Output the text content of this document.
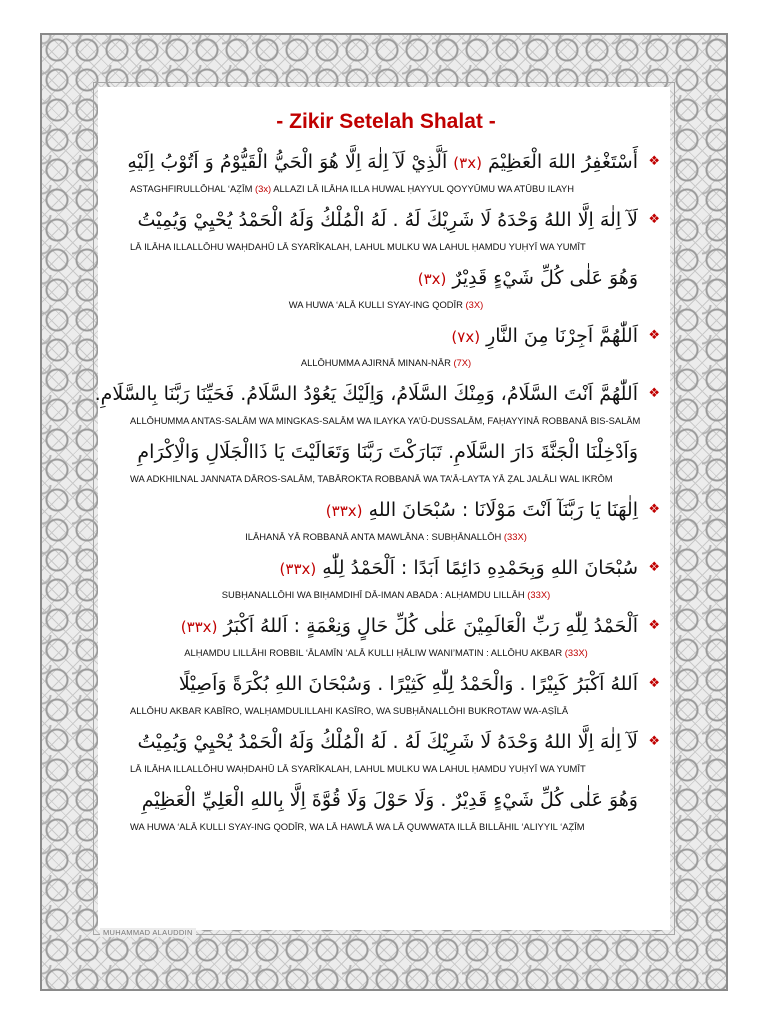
MUHAMMAD ALAUDDIN
- Zikir Setelah Shalat -
❖
أَسْتَغْفِرُ اللهَ الْعَظِيْمَ (٣x) اَلَّذِيْ لَآ اِلٰهَ اِلَّا هُوَ الْحَيُّ الْقَيُّوْمُ وَ اَتُوْبُ اِلَيْهِ
ASTAGHFIRULLŌHAL ‘AẒĪM (3x) ALLAZI LĀ ILĀHA ILLA HUWAL ḤAYYUL QOYYŪMU WA ATŪBU ILAYH
❖
لَآ اِلٰهَ اِلَّا اللهُ وَحْدَهُ لَا شَرِيْكَ لَهُ . لَهُ الْمُلْكُ وَلَهُ الْحَمْدُ يُحْيِيْ وَيُمِيْتُ
LĀ ILĀHA ILLALLŌHU WAḤDAHŪ LĀ SYARĪKALAH, LAHUL MULKU WA LAHUL ḤAMDU YUḤYĪ WA YUMĪT
وَهُوَ عَلٰى كُلِّ شَيْءٍ قَدِيْرٌ (٣x)
WA HUWA ‘ALĀ KULLI SYAY-ING QODĪR (3X)
❖
اَللّٰهُمَّ اَجِرْنَا مِنَ النَّارِ (٧x)
ALLŌHUMMA AJIRNĀ MINAN-NĀR (7X)
❖
اَللّٰهُمَّ اَنْتَ السَّلَامُ، وَمِنْكَ السَّلَامُ، وَاِلَيْكَ يَعُوْدُ السَّلَامُ. فَحَيِّنَا رَبَّنَا بِالسَّلَامِ.
ALLŌHUMMA ANTAS-SALĀM WA MINGKAS-SALĀM WA ILAYKA YA’Ū-DUSSALĀM, FAḤAYYINĀ ROBBANĀ BIS-SALĀM
وَاَدْخِلْنَا الْجَنَّةَ دَارَ السَّلَامِ. تَبَارَكْتَ رَبَّنَا وَتَعَالَيْتَ يَا ذَاالْجَلَالِ وَالْاِكْرَامِ
WA ADKHILNAL JANNATA DĀROS-SALĀM, TABĀROKTA ROBBANĀ WA TA’Ā-LAYTA YĀ ẒAL JALĀLI WAL IKRŌM
❖
اِلٰهَنَا يَا رَبَّنَآ اَنْتَ مَوْلَانَا : سُبْحَانَ اللهِ (٣٣x)
ILĀHANĀ YĀ ROBBANĀ ANTA MAWLĀNA : SUBḤĀNALLŌH (33X)
❖
سُبْحَانَ اللهِ وَبِحَمْدِهِ دَائِمًا اَبَدًا : اَلْحَمْدُ لِلّٰهِ (٣٣x)
SUBḤANALLŌHI WA BIḤAMDIHĪ DĀ-IMAN ABADA : ALḤAMDU LILLĀH (33X)
❖
اَلْحَمْدُ لِلّٰهِ رَبِّ الْعَالَمِيْنَ عَلٰى كُلِّ حَالٍ وَنِعْمَةٍ : اَللهُ اَكْبَرُ (٣٣x)
ALḤAMDU LILLĀHI ROBBIL ‘ĀLAMĪN ‘ALĀ KULLI ḤĀLIW WANI’MATIN : ALLŌHU AKBAR (33X)
❖
اَللهُ اَكْبَرُ كَبِيْرًا . وَالْحَمْدُ لِلّٰهِ كَثِيْرًا . وَسُبْحَانَ اللهِ بُكْرَةً وَاَصِيْلًا
ALLŌHU AKBAR KABĪRO, WALḤAMDULILLAHI KASĪRO, WA SUBḤĀNALLŌHI BUKROTAW WA-AṢĪLĀ
❖
لَآ اِلٰهَ اِلَّا اللهُ وَحْدَهُ لَا شَرِيْكَ لَهُ . لَهُ الْمُلْكُ وَلَهُ الْحَمْدُ يُحْيِيْ وَيُمِيْتُ
LĀ ILĀHA ILLALLŌHU WAḤDAHŪ LĀ SYARĪKALAH, LAHUL MULKU WA LAHUL ḤAMDU YUḤYĪ WA YUMĪT
وَهُوَ عَلٰى كُلِّ شَيْءٍ قَدِيْرٌ . وَلَا حَوْلَ وَلَا قُوَّةَ اِلَّا بِاللهِ الْعَلِيِّ الْعَظِيْمِ
WA HUWA ‘ALĀ KULLI SYAY-ING QODĪR, WA LĀ HAWLĀ WA LĀ QUWWATA ILLĀ BILLĀHIL ‘ALIYYIL ‘AẒĪM
